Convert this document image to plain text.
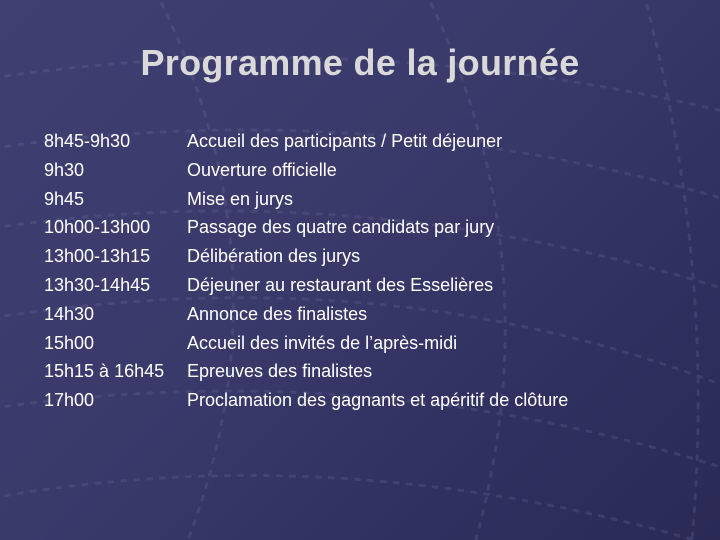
Programme de la journée
8h45-9h30	Accueil des participants / Petit déjeuner
9h30	Ouverture officielle
9h45	Mise en jurys
10h00-13h00	Passage des quatre candidats par jury
13h00-13h15	Délibération des jurys
13h30-14h45	Déjeuner au restaurant des Esselières
14h30	Annonce des finalistes
15h00	Accueil des invités de l’après-midi
15h15 à 16h45	Epreuves des finalistes
17h00	Proclamation des gagnants et apéritif de clôture
